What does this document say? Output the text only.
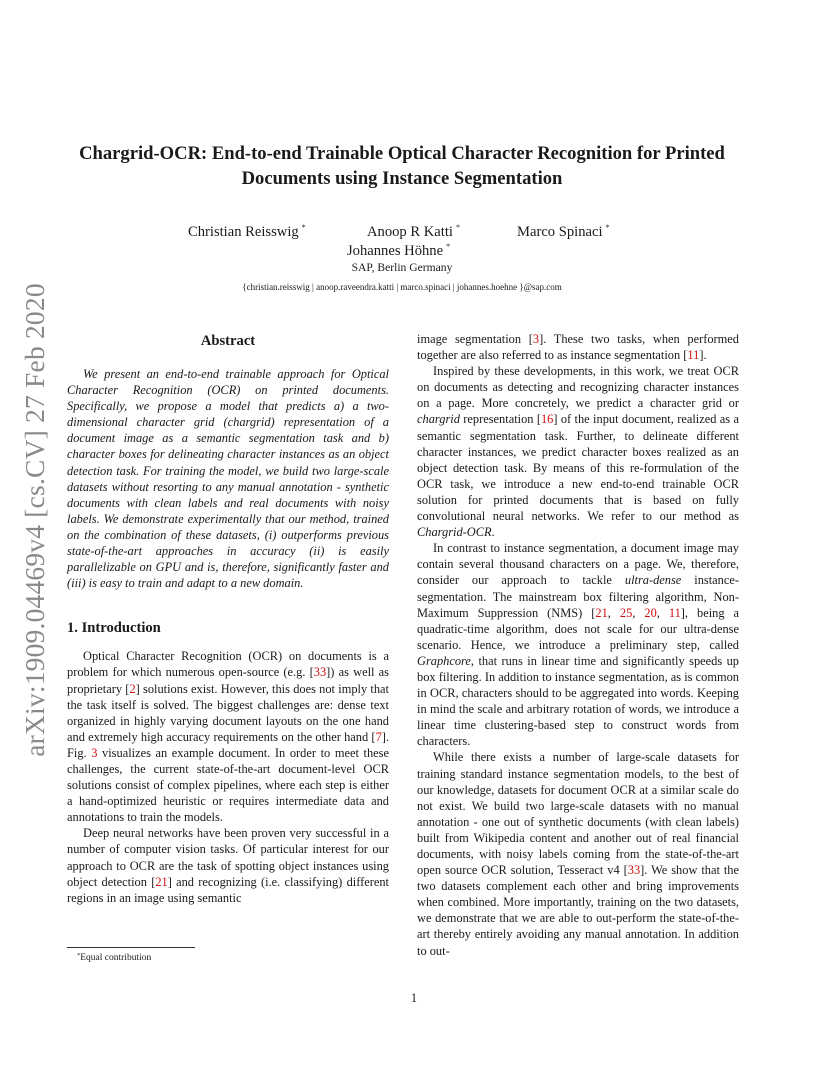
arXiv:1909.04469v4 [cs.CV] 27 Feb 2020
Chargrid-OCR: End-to-end Trainable Optical Character Recognition for Printed Documents using Instance Segmentation
Christian Reisswig *	Anoop R Katti *	Marco Spinaci *
Johannes Höhne *
SAP, Berlin Germany
{christian.reisswig | anoop.raveendra.katti | marco.spinaci | johannes.hoehne }@sap.com
Abstract

We present an end-to-end trainable approach for Optical Character Recognition (OCR) on printed documents. Specifically, we propose a model that predicts a) a two-dimensional character grid (chargrid) representation of a document image as a semantic segmentation task and b) character boxes for delineating character instances as an object detection task. For training the model, we build two large-scale datasets without resorting to any manual annotation - synthetic documents with clean labels and real documents with noisy labels. We demonstrate experimentally that our method, trained on the combination of these datasets, (i) outperforms previous state-of-the-art approaches in accuracy (ii) is easily parallelizable on GPU and is, therefore, significantly faster and (iii) is easy to train and adapt to a new domain.

1. Introduction

Optical Character Recognition (OCR) on documents is a problem for which numerous open-source (e.g. [33]) as well as proprietary [2] solutions exist. However, this does not imply that the task itself is solved. The biggest challenges are: dense text organized in highly varying document layouts on the one hand and extremely high accuracy requirements on the other hand [7]. Fig. 3 visualizes an example document. In order to meet these challenges, the current state-of-the-art document-level OCR solutions consist of complex pipelines, where each step is either a hand-optimized heuristic or requires intermediate data and annotations to train the models.

Deep neural networks have been proven very successful in a number of computer vision tasks. Of particular interest for our approach to OCR are the task of spotting object instances using object detection [21] and recognizing (i.e. classifying) different regions in an image using semantic

image segmentation [3]. These two tasks, when performed together are also referred to as instance segmentation [11].

Inspired by these developments, in this work, we treat OCR on documents as detecting and recognizing character instances on a page. More concretely, we predict a character grid or chargrid representation [16] of the input document, realized as a semantic segmentation task. Further, to delineate different character instances, we predict character boxes realized as an object detection task. By means of this re-formulation of the OCR task, we introduce a new end-to-end trainable OCR solution for printed documents that is based on fully convolutional neural networks. We refer to our method as Chargrid-OCR.

In contrast to instance segmentation, a document image may contain several thousand characters on a page. We, therefore, consider our approach to tackle ultra-dense instance-segmentation. The mainstream box filtering algorithm, Non-Maximum Suppression (NMS) [21, 25, 20, 11], being a quadratic-time algorithm, does not scale for our ultra-dense scenario. Hence, we introduce a preliminary step, called Graphcore, that runs in linear time and significantly speeds up box filtering. In addition to instance segmentation, as is common in OCR, characters should to be aggregated into words. Keeping in mind the scale and arbitrary rotation of words, we introduce a linear time clustering-based step to construct words from characters.

While there exists a number of large-scale datasets for training standard instance segmentation models, to the best of our knowledge, datasets for document OCR at a similar scale do not exist. We build two large-scale datasets with no manual annotation - one out of synthetic documents (with clean labels) built from Wikipedia content and another out of real financial documents, with noisy labels coming from the state-of-the-art open source OCR solution, Tesseract v4 [33]. We show that the two datasets complement each other and bring improvements when combined. More importantly, training on the two datasets, we demonstrate that we are able to out-perform the state-of-the-art thereby entirely avoiding any manual annotation. In addition to out-

*Equal contribution
1
